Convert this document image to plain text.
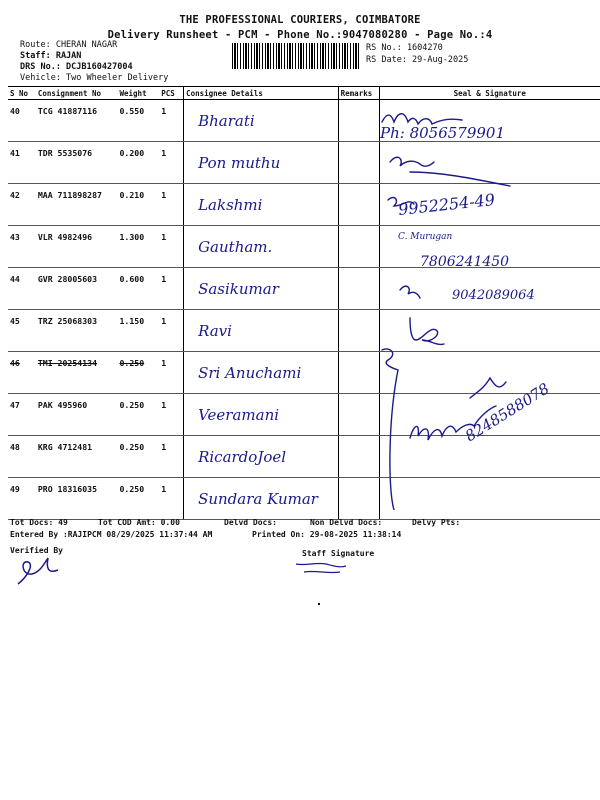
THE PROFESSIONAL COURIERS, COIMBATORE
Delivery Runsheet - PCM - Phone No.:9047080280 - Page No.:4
Route: CHERAN NAGAR
Staff: RAJAN
DRS No.: DCJB160427004
Vehicle: Two Wheeler Delivery
RS No.: 1604270
RS Date: 29-Aug-2025
S No	Consignment No	Weight	PCS	Consignee Details	Remarks	Seal & Signature
40	TCG 41887116	0.550	1	Bharati		

41	TDR 5535076	0.200	1	Pon muthu		

42	MAA 711898287	0.210	1	Lakshmi		

43	VLR 4982496	1.300	1	Gautham.		

44	GVR 28005603	0.600	1	Sasikumar		

45	TRZ 25068303	1.150	1	Ravi		

46	TMI 20254134	0.250	1	Sri Anuchami		

47	PAK 495960	0.250	1	Veeramani		

48	KRG 4712481	0.250	1	RicardoJoel		

49	PRO 18316035	0.250	1	Sundara Kumar		

Ph: 8056579901
9952254-49
C. Murugan
7806241450
9042089064
8248588078
Tot Docs: 49	Tot COD Amt: 0.00	Delvd Docs:	Non Delvd Docs:	Delvy Pts:
Entered By :RAJIPCM 08/29/2025 11:37:44 AM	Printed On: 29-08-2025 11:38:14
Verified By	Staff Signature
